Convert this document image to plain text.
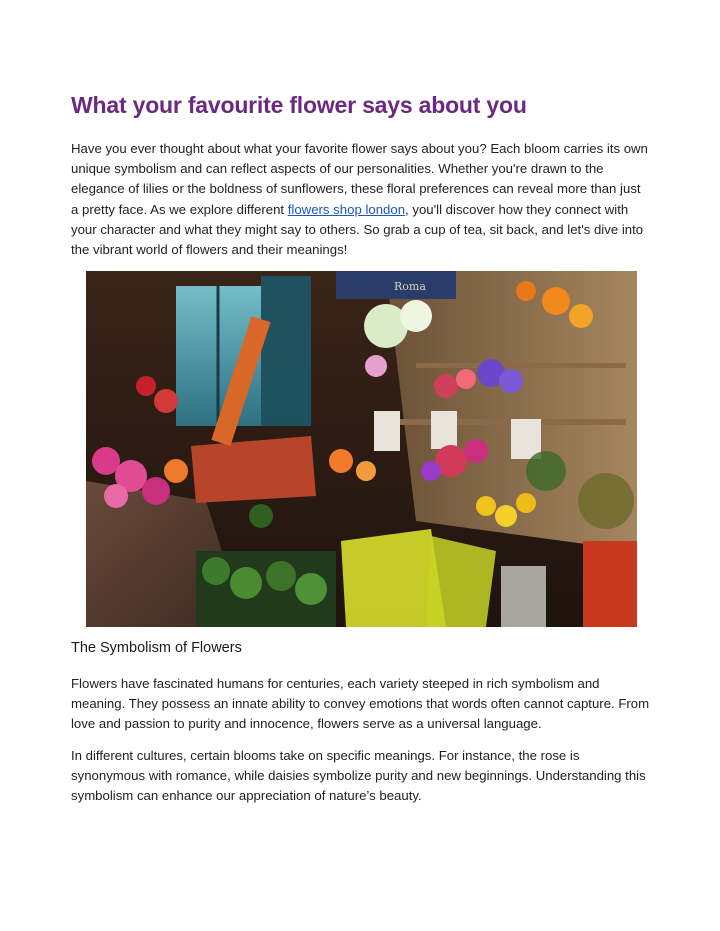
What your favourite flower says about you

Have you ever thought about what your favorite flower says about you? Each bloom carries its own unique symbolism and can reflect aspects of our personalities. Whether you're drawn to the elegance of lilies or the boldness of sunflowers, these floral preferences can reveal more than just a pretty face. As we explore different flowers shop london, you'll discover how they connect with your character and what they might say to others. So grab a cup of tea, sit back, and let's dive into the vibrant world of flowers and their meanings!

Roma
The Symbolism of Flowers

Flowers have fascinated humans for centuries, each variety steeped in rich symbolism and meaning. They possess an innate ability to convey emotions that words often cannot capture. From love and passion to purity and innocence, flowers serve as a universal language.

In different cultures, certain blooms take on specific meanings. For instance, the rose is synonymous with romance, while daisies symbolize purity and new beginnings. Understanding this symbolism can enhance our appreciation of nature’s beauty.
